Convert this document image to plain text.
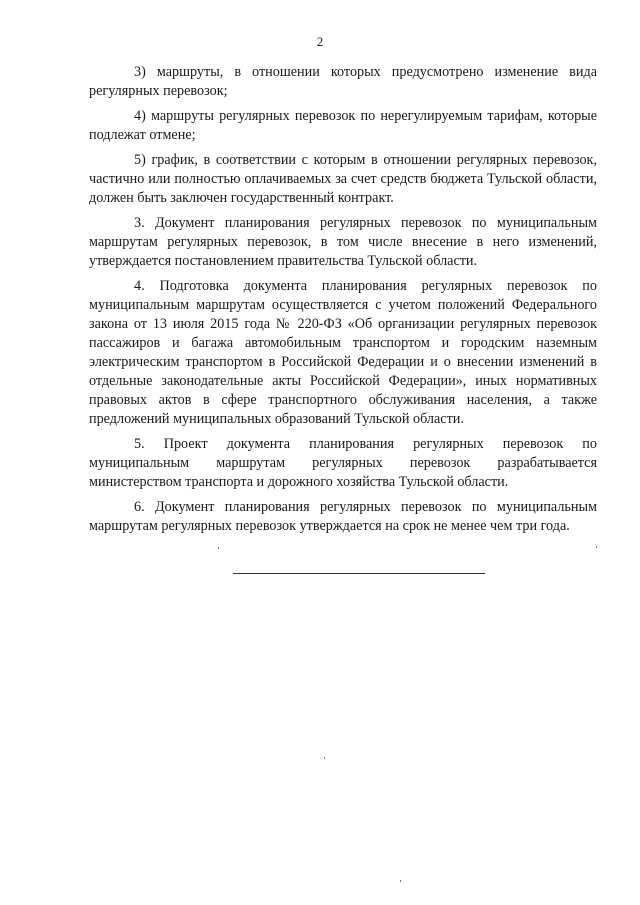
2

3) маршруты, в отношении которых предусмотрено изменение вида регулярных перевозок;

4) маршруты регулярных перевозок по нерегулируемым тарифам, которые подлежат отмене;

5) график, в соответствии с которым в отношении регулярных перевозок, частично или полностью оплачиваемых за счет средств бюджета Тульской области, должен быть заключен государственный контракт.

3. Документ планирования регулярных перевозок по муниципальным маршрутам регулярных перевозок, в том числе внесение в него изменений, утверждается постановлением правительства Тульской области.

4. Подготовка документа планирования регулярных перевозок по муниципальным маршрутам осуществляется с учетом положений Федерального закона от 13 июля 2015 года № 220-ФЗ «Об организации регулярных перевозок пассажиров и багажа автомобильным транспортом и городским наземным электрическим транспортом в Российской Федерации и о внесении изменений в отдельные законодательные акты Российской Федерации», иных нормативных правовых актов в сфере транспортного обслуживания населения, а также предложений муниципальных образований Тульской области.

5. Проект документа планирования регулярных перевозок по муниципальным маршрутам регулярных перевозок разрабатывается министерством транспорта и дорожного хозяйства Тульской области.

6. Документ планирования регулярных перевозок по муниципальным маршрутам регулярных перевозок утверждается на срок не менее чем три года.
